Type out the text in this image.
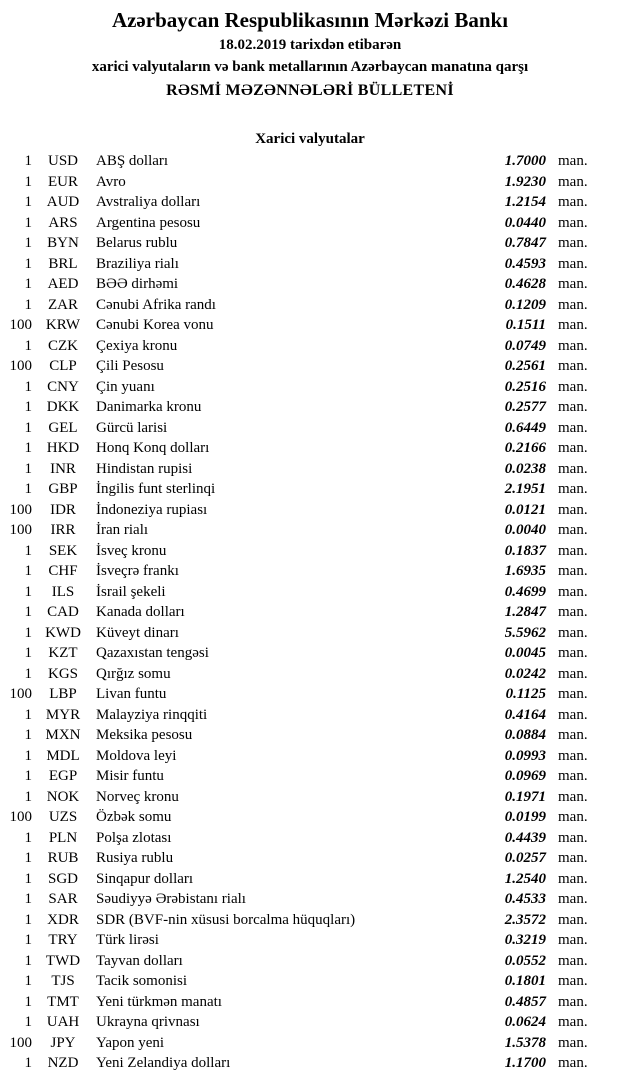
Azərbaycan Respublikasının Mərkəzi Bankı
18.02.2019 tarixdən etibarən
xarici valyutaların və bank metallarının Azərbaycan manatına qarşı
RƏSMİ MƏZƏNNƏLƏRİ BÜLLETENİ
Xarici valyutalar
1	USD	ABŞ dolları	1.7000 man.
1	EUR	Avro	1.9230 man.
1 AUD	Avstraliya dolları	1.2154 man.
1	ARS	Argentina pesosu	0.0440 man.
1	BYN	Belarus rublu	0.7847 man.
1	BRL	Braziliya rialı	0.4593 man.
1	AED	BƏƏ dirhəmi	0.4628 man.
1	ZAR	Cənubi Afrika randı	0.1209 man.
100 KRW	Cənubi Korea vonu	0.1511 man.
1	CZK	Çexiya kronu	0.0749 man.
100	CLP	Çili Pesosu	0.2561 man.
1	CNY	Çin yuanı	0.2516 man.
1 DKK	Danimarka kronu	0.2577 man.
1	GEL	Gürcü larisi	0.6449 man.
1 HKD	Honq Konq dolları	0.2166 man.
1	INR	Hindistan rupisi	0.0238 man.
1	GBP	İngilis funt sterlinqi	2.1951 man.
100	IDR	İndoneziya rupiası	0.0121 man.
100	IRR	İran rialı	0.0040 man.
1	SEK	İsveç kronu	0.1837 man.
1	CHF	İsveçrə frankı	1.6935 man.
1	ILS	İsrail şekeli	0.4699 man.
1	CAD	Kanada dolları	1.2847 man.
1 KWD	Küveyt dinarı	5.5962 man.
1	KZT	Qazaxıstan tengəsi	0.0045 man.
1	KGS	Qırğız somu	0.0242 man.
100	LBP	Livan funtu	0.1125 man.
1 MYR	Malayziya rinqqiti	0.4164 man.
1 MXN	Meksika pesosu	0.0884 man.
1 MDL	Moldova leyi	0.0993 man.
1	EGP	Misir funtu	0.0969 man.
1 NOK	Norveç kronu	0.1971 man.
100	UZS	Özbək somu	0.0199 man.
1	PLN	Polşa zlotası	0.4439 man.
1	RUB	Rusiya rublu	0.0257 man.
1	SGD	Sinqapur dolları	1.2540 man.
1	SAR	Səudiyyə Ərəbistanı rialı	0.4533 man.
1	XDR	SDR (BVF-nin xüsusi borcalma hüquqları)	2.3572 man.
1	TRY	Türk lirəsi	0.3219 man.
1 TWD	Tayvan dolları	0.0552 man.
1	TJS	Tacik somonisi	0.1801 man.
1	TMT	Yeni türkmən manatı	0.4857 man.
1 UAH	Ukrayna qrivnası	0.0624 man.
100	JPY	Yapon yeni	1.5378 man.
1	NZD	Yeni Zelandiya dolları	1.1700 man.
